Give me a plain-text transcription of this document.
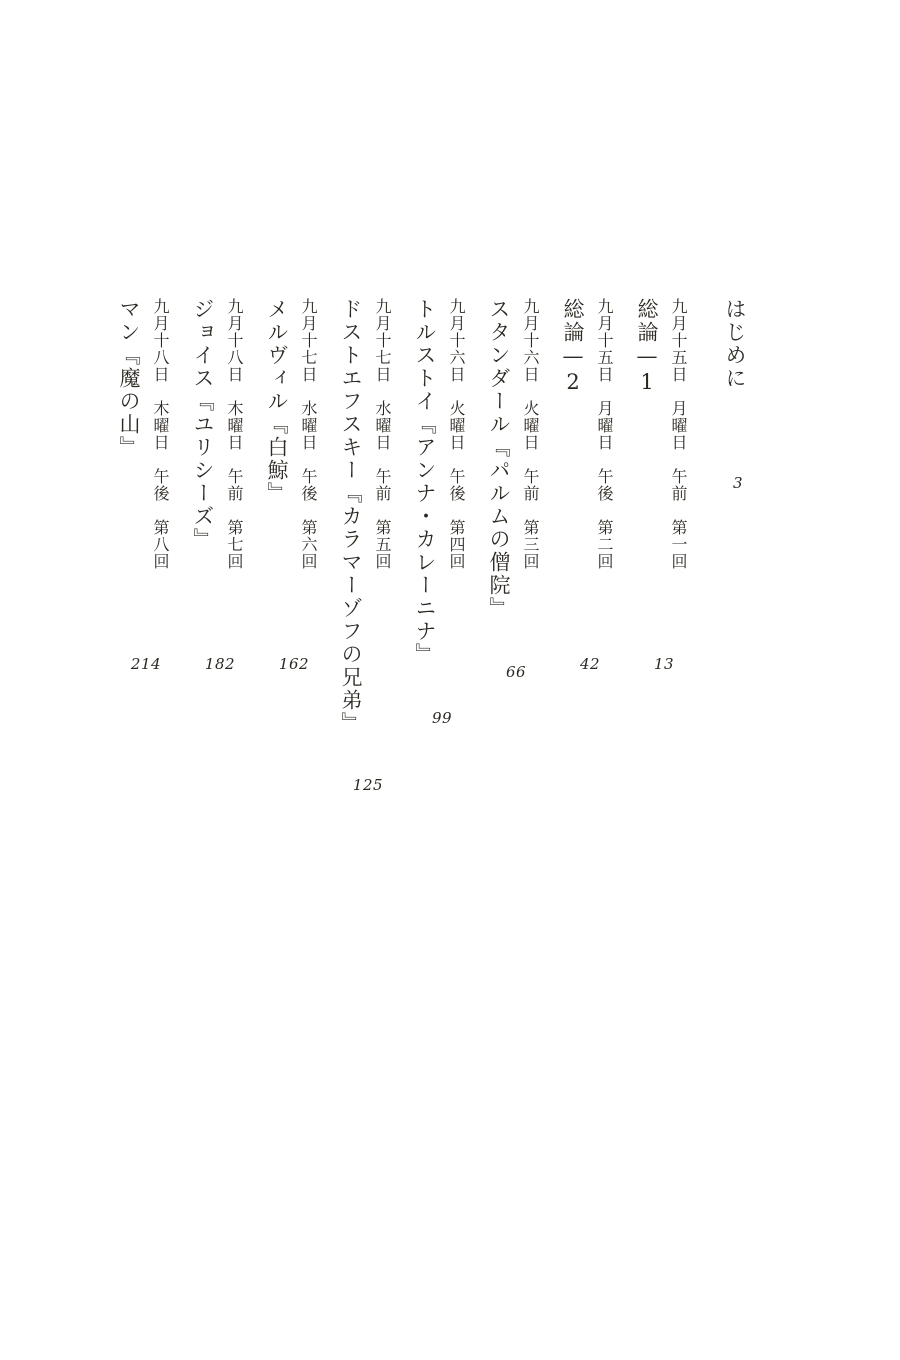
はじめに
3
九月十五日　月曜日　午前　第一回
総論—1
13
九月十五日　月曜日　午後　第二回
総論—2
42
九月十六日　火曜日　午前　第三回
スタンダール『パルムの僧院』
66
九月十六日　火曜日　午後　第四回
トルストイ『アンナ・カレーニナ』
99
九月十七日　水曜日　午前　第五回
ドストエフスキー『カラマーゾフの兄弟』
125
九月十七日　水曜日　午後　第六回
メルヴィル『白鯨』
162
九月十八日　木曜日　午前　第七回
ジョイス『ユリシーズ』
182
九月十八日　木曜日　午後　第八回
マン『魔の山』
214
